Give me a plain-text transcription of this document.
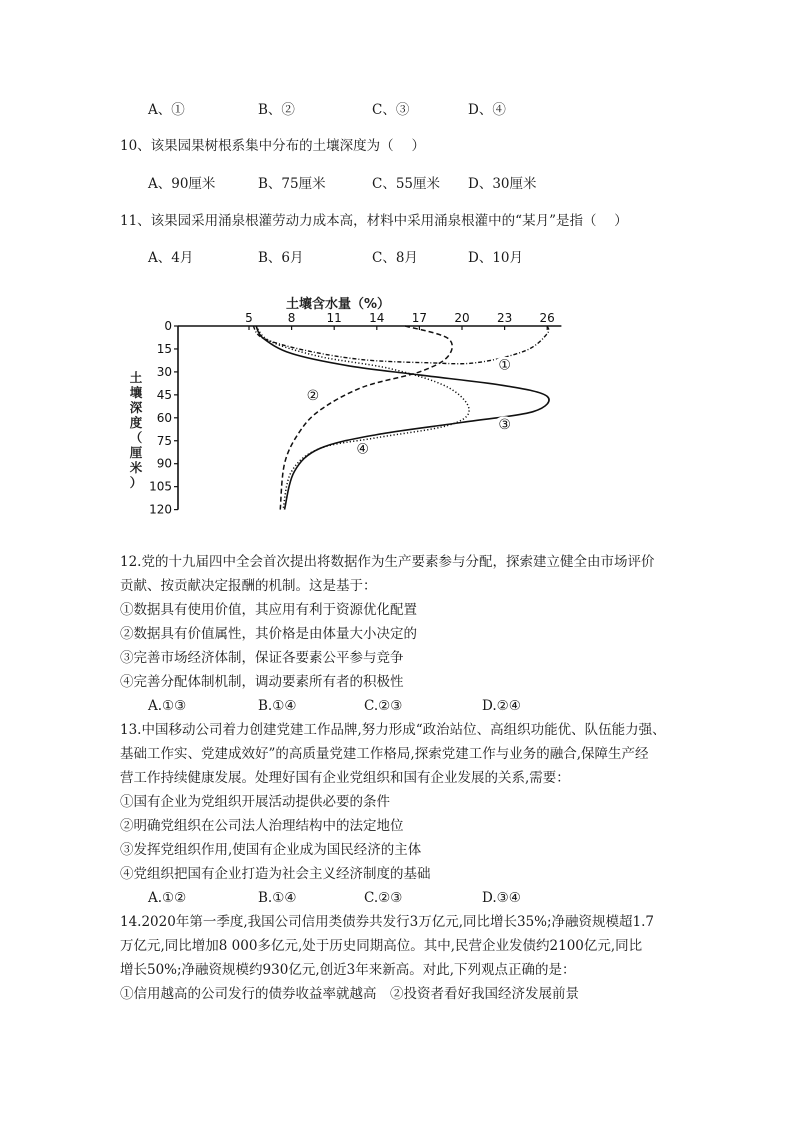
A、①	B、②	C、③	D、④
10、该果园果树根系集中分布的土壤深度为（　 ）
A、90厘米	B、75厘米	C、55厘米 D、30厘米
11、该果园采用涌泉根灌劳动力成本高，材料中采用涌泉根灌中的“某月”是指（　 ）
A、4月	B、6月	C、8月	D、10月
土壤含水量（%）
5	8	11 14 17 20 23 26
0
15
30
45
60
75
90
105
120
土
壤
深
度
（
厘
米
）
①
②
③
④
12.党的十九届四中全会首次提出将数据作为生产要素参与分配，探索建立健全由市场评价
贡献、按贡献决定报酬的机制。这是基于：
①数据具有使用价值，其应用有利于资源优化配置
②数据具有价值属性，其价格是由体量大小决定的
③完善市场经济体制，保证各要素公平参与竞争
④完善分配体制机制，调动要素所有者的积极性
A.①③	B.①④	C.②③	D.②④
13.中国移动公司着力创建党建工作品牌,努力形成“政治站位、高组织功能优、队伍能力强、
基础工作实、党建成效好”的高质量党建工作格局,探索党建工作与业务的融合,保障生产经
营工作持续健康发展。处理好国有企业党组织和国有企业发展的关系,需要：
①国有企业为党组织开展活动提供必要的条件
②明确党组织在公司法人治理结构中的法定地位
③发挥党组织作用,使国有企业成为国民经济的主体
④党组织把国有企业打造为社会主义经济制度的基础
A.①②	B.①④	C.②③	D.③④
14.2020年第一季度,我国公司信用类债券共发行3万亿元,同比增长35%;净融资规模超1.7
万亿元,同比增加8 000多亿元,处于历史同期高位。其中,民营企业发债约2100亿元,同比
增长50%;净融资规模约930亿元,创近3年来新高。对此,下列观点正确的是：
①信用越高的公司发行的债券收益率就越高　②投资者看好我国经济发展前景
